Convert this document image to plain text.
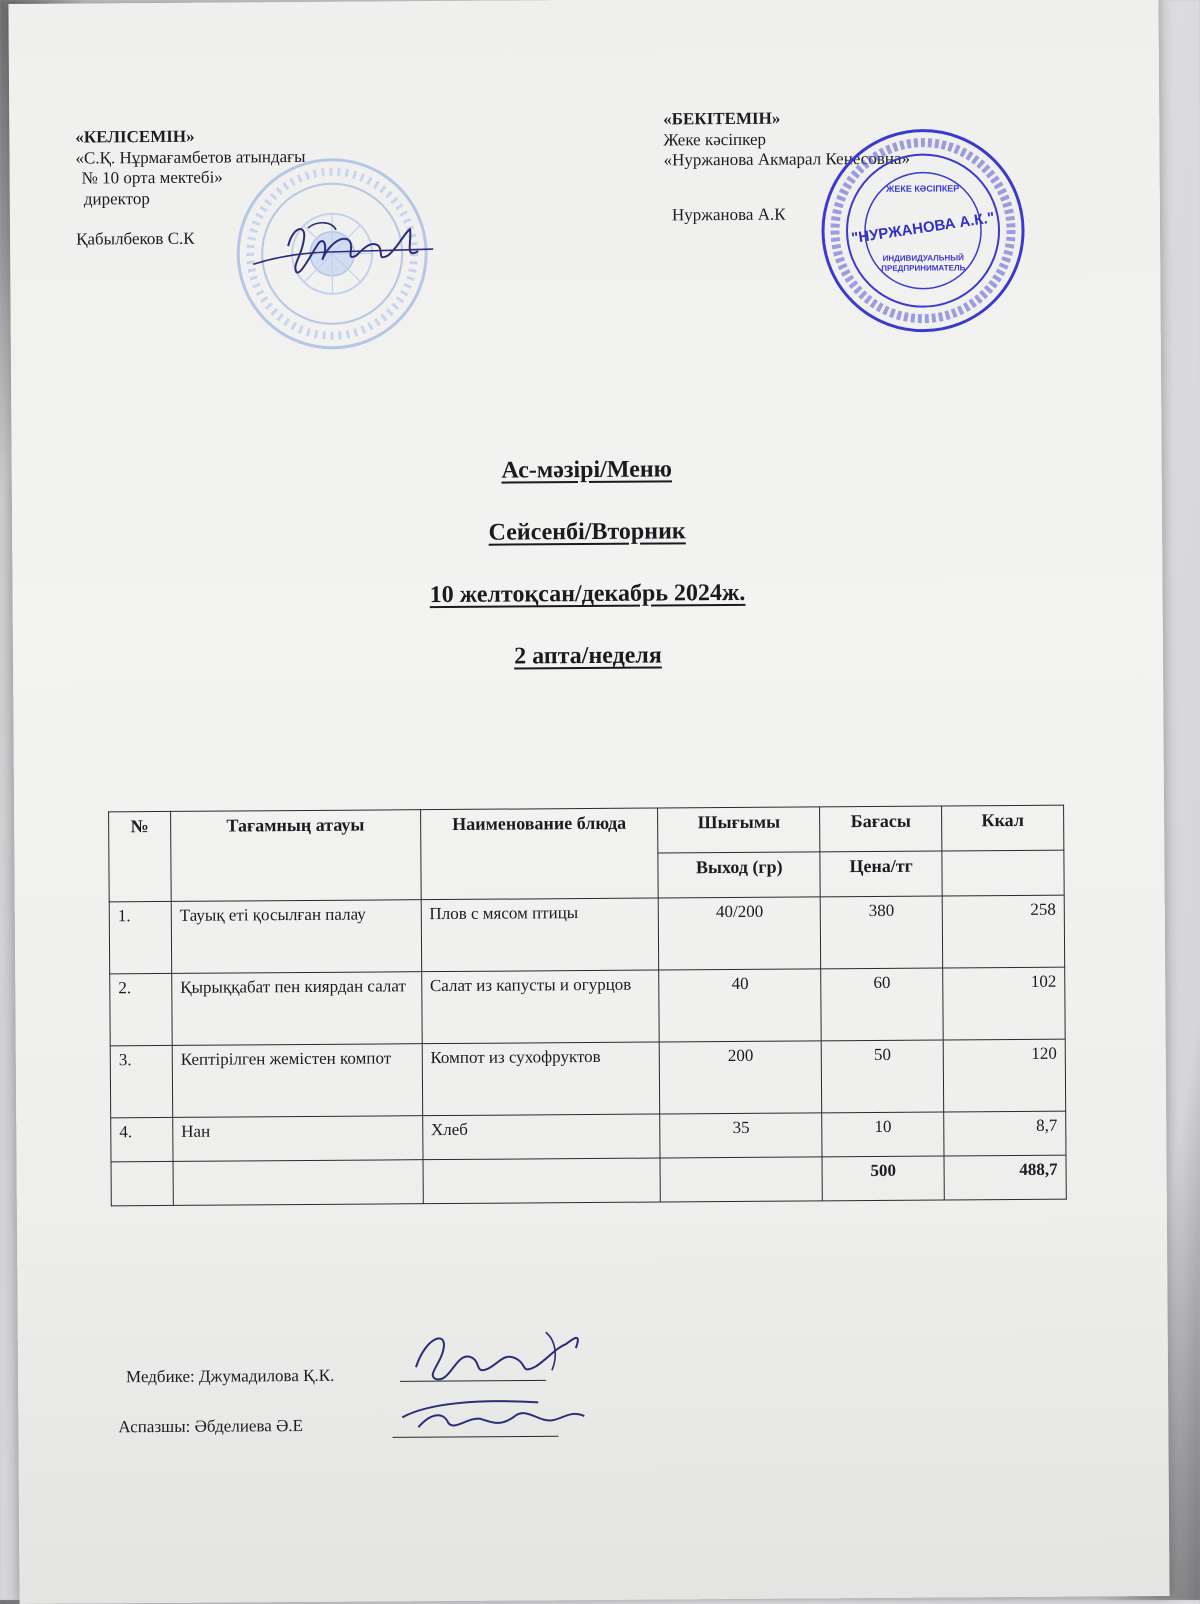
«КЕЛІСЕМІН»
«С.Қ. Нұрмағамбетов атындағы
№ 10 орта мектебі»
директор
Қабылбеков С.К
«БЕКІТЕМІН»
Жеке кәсіпкер
«Нуржанова Акмарал Кенесовна»
Нуржанова А.К
ЖЕКЕ КӘСІПКЕР
"НУРЖАНОВА А.К."
ИНДИВИДУАЛЬНЫЙ ПРЕДПРИНИМАТЕЛЬ
Ас-мәзірі/Меню
Сейсенбі/Вторник
10 желтоқсан/декабрь 2024ж.
2 апта/неделя
№	Тағамның атауы	Наименование блюда	Шығымы	Бағасы	Ккал
			Выход (гр)	Цена/тг	
1.	Тауық еті қосылған палау	Плов с мясом птицы	40/200	380	258
2.	Қырыққабат пен киярдан салат	Салат из капусты и огурцов	40	60	102
3.	Кептірілген жемістен компот	Компот из сухофруктов	200	50	120
4.	Нан	Хлеб	35	10	8,7
				500	488,7
Медбике: Джумадилова Қ.К.
Аспазшы: Әбделиева Ә.Е
